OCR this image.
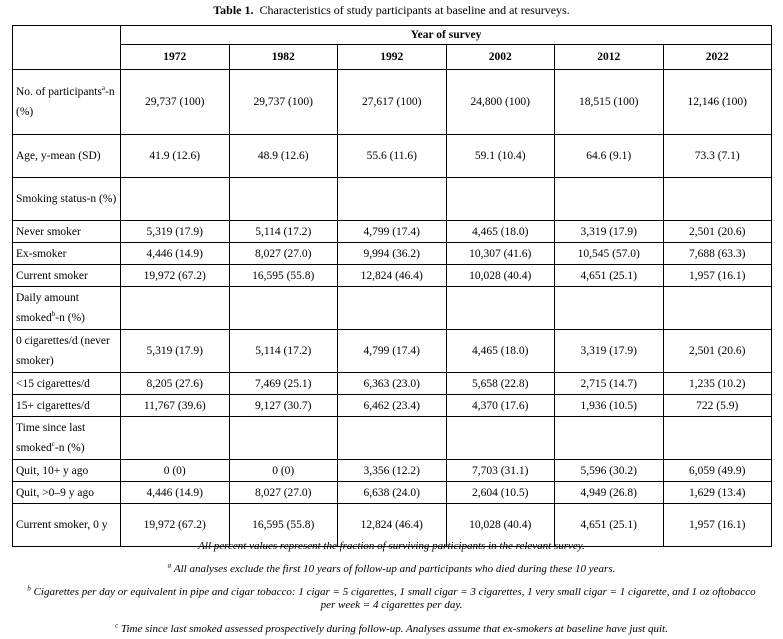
Table 1. Characteristics of study participants at baseline and at resurveys.
	Year of survey					
	1972	1982	1992	2002	2012	2022
No. of participants$^a$-n (%)	29,737 (100)	29,737 (100)	27,617 (100)	24,800 (100)	18,515 (100)	12,146 (100)
Age, y-mean (SD)	41.9 (12.6)	48.9 (12.6)	55.6 (11.6)	59.1 (10.4)	64.6 (9.1)	73.3 (7.1)
Smoking status-n (%)						
Never smoker	5,319 (17.9)	5,114 (17.2)	4,799 (17.4)	4,465 (18.0)	3,319 (17.9)	2,501 (20.6)
Ex-smoker	4,446 (14.9)	8,027 (27.0)	9,994 (36.2)	10,307 (41.6)	10,545 (57.0)	7,688 (63.3)
Current smoker	19,972 (67.2)	16,595 (55.8)	12,824 (46.4)	10,028 (40.4)	4,651 (25.1)	1,957 (16.1)
Daily amount smoked$^b$-n (%)						
0 cigarettes/d (never smoker)	5,319 (17.9)	5,114 (17.2)	4,799 (17.4)	4,465 (18.0)	3,319 (17.9)	2,501 (20.6)
<15 cigarettes/d	8,205 (27.6)	7,469 (25.1)	6,363 (23.0)	5,658 (22.8)	2,715 (14.7)	1,235 (10.2)
15+ cigarettes/d	11,767 (39.6)	9,127 (30.7)	6,462 (23.4)	4,370 (17.6)	1,936 (10.5)	722 (5.9)
Time since last smoked$^c$-n (%)						
Quit, 10+ y ago	0 (0)	0 (0)	3,356 (12.2)	7,703 (31.1)	5,596 (30.2)	6,059 (49.9)
Quit, >0–9 y ago	4,446 (14.9)	8,027 (27.0)	6,638 (24.0)	2,604 (10.5)	4,949 (26.8)	1,629 (13.4)
Current smoker, 0 y	19,972 (67.2)	16,595 (55.8)	12,824 (46.4)	10,028 (40.4)	4,651 (25.1)	1,957 (16.1)
All percent values represent the fraction of surviving participants in the relevant survey.
$^a$ All analyses exclude the first 10 years of follow-up and participants who died during these 10 years.
$^b$ Cigarettes per day or equivalent in pipe and cigar tobacco: 1 cigar = 5 cigarettes, 1 small cigar = 3 cigarettes, 1 very small cigar = 1 cigarette, and 1 oz oftobacco per week = 4 cigarettes per day.
$^c$ Time since last smoked assessed prospectively during follow-up. Analyses assume that ex-smokers at baseline have just quit.
